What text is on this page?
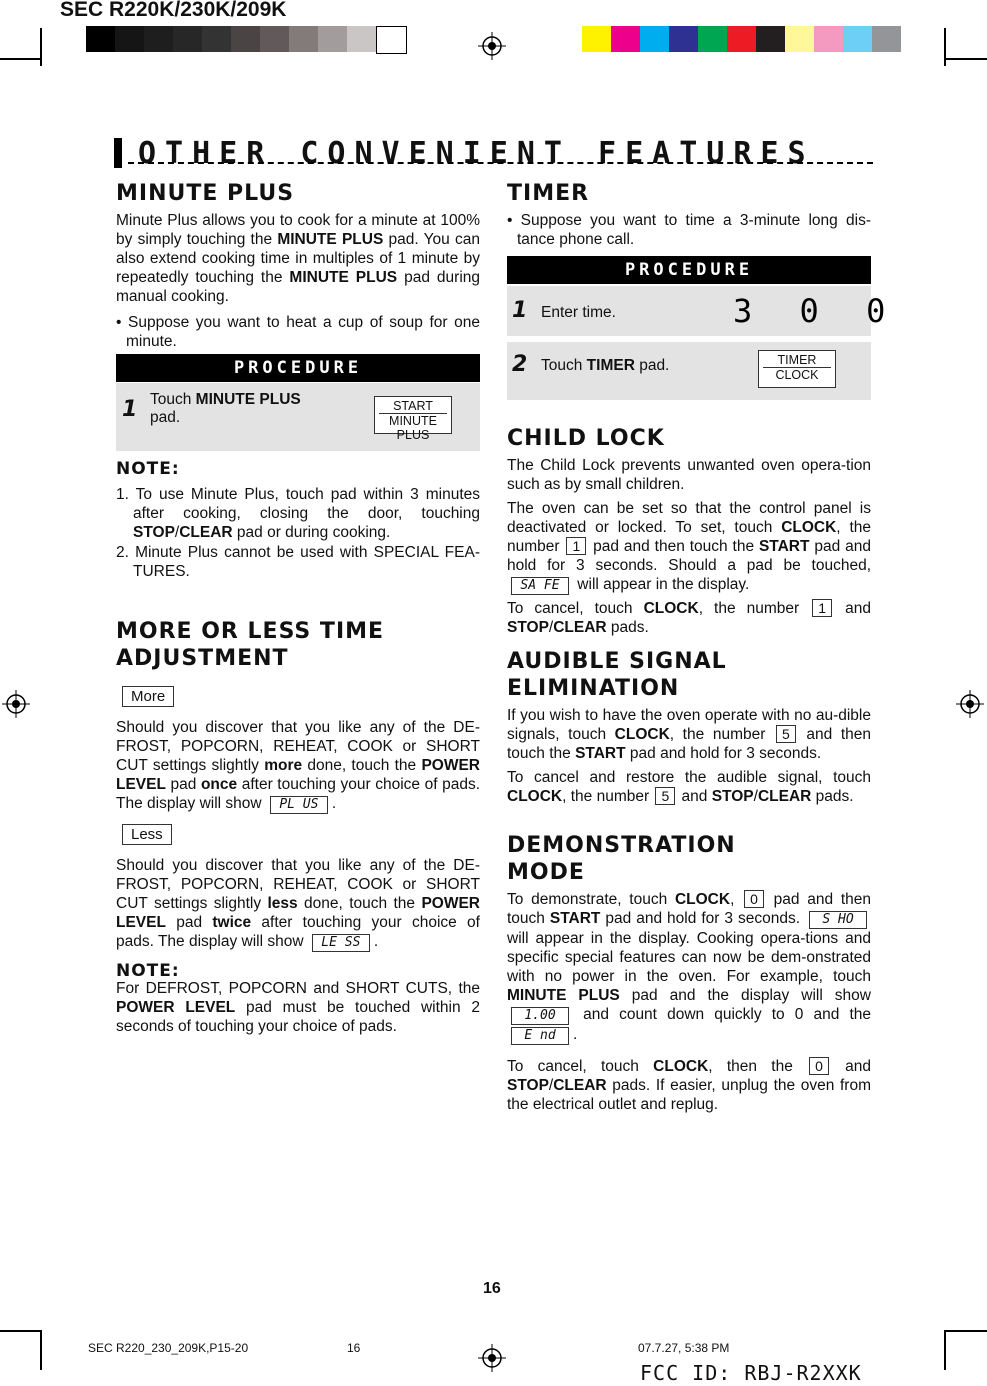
SEC R220K/230K/209K
OTHER CONVENIENT FEATURES
MINUTE PLUS
Minute Plus allows you to cook for a minute at 100% by simply touching the MINUTE PLUS pad. You can also extend cooking time in multiples of 1 minute by repeatedly touching the MINUTE PLUS pad during manual cooking.
• Suppose you want to heat a cup of soup for one minute.
PROCEDURE
1 Touch MINUTE PLUS
pad.
START
MINUTE PLUS
NOTE:
1. To use Minute Plus, touch pad within 3 minutes after cooking, closing the door, touching STOP/CLEAR pad or during cooking.
2. Minute Plus cannot be used with SPECIAL FEA-TURES.
MORE OR LESS TIME
ADJUSTMENT
More
Should you discover that you like any of the DE-FROST, POPCORN, REHEAT, COOK or SHORT CUT settings slightly more done, touch the POWER LEVEL pad once after touching your choice of pads. The display will show PL US .
Less
Should you discover that you like any of the DE-FROST, POPCORN, REHEAT, COOK or SHORT CUT settings slightly less done, touch the POWER LEVEL pad twice after touching your choice of pads. The display will show LE SS .
NOTE:
For DEFROST, POPCORN and SHORT CUTS, the POWER LEVEL pad must be touched within 2 seconds of touching your choice of pads.
TIMER
• Suppose you want to time a 3-minute long dis-tance phone call.
PROCEDURE
1 Enter time.	3 0 0
2 Touch TIMER pad.	TIMER
CLOCK
CHILD LOCK
The Child Lock prevents unwanted oven opera-tion such as by small children.
The oven can be set so that the control panel is deactivated or locked. To set, touch CLOCK, the number 1 pad and then touch the START pad and hold for 3 seconds. Should a pad be touched, SA FE will appear in the display.
To cancel, touch CLOCK, the number 1 and STOP/CLEAR pads.
AUDIBLE SIGNAL
ELIMINATION
If you wish to have the oven operate with no au-dible signals, touch CLOCK, the number 5 and then touch the START pad and hold for 3 seconds.
To cancel and restore the audible signal, touch CLOCK, the number 5 and STOP/CLEAR pads.
DEMONSTRATION
MODE
To demonstrate, touch CLOCK, 0 pad and then touch START pad and hold for 3 seconds. S HO will appear in the display. Cooking opera-tions and specific special features can now be dem-onstrated with no power in the oven. For example, touch MINUTE PLUS pad and the display will show 1.00 and count down quickly to 0 and the E nd .
To cancel, touch CLOCK, then the 0 and STOP/CLEAR pads. If easier, unplug the oven from the electrical outlet and replug.
16
SEC R220_230_209K,P15-20	16	07.7.27, 5:38 PM
FCC ID: RBJ-R2XXK
